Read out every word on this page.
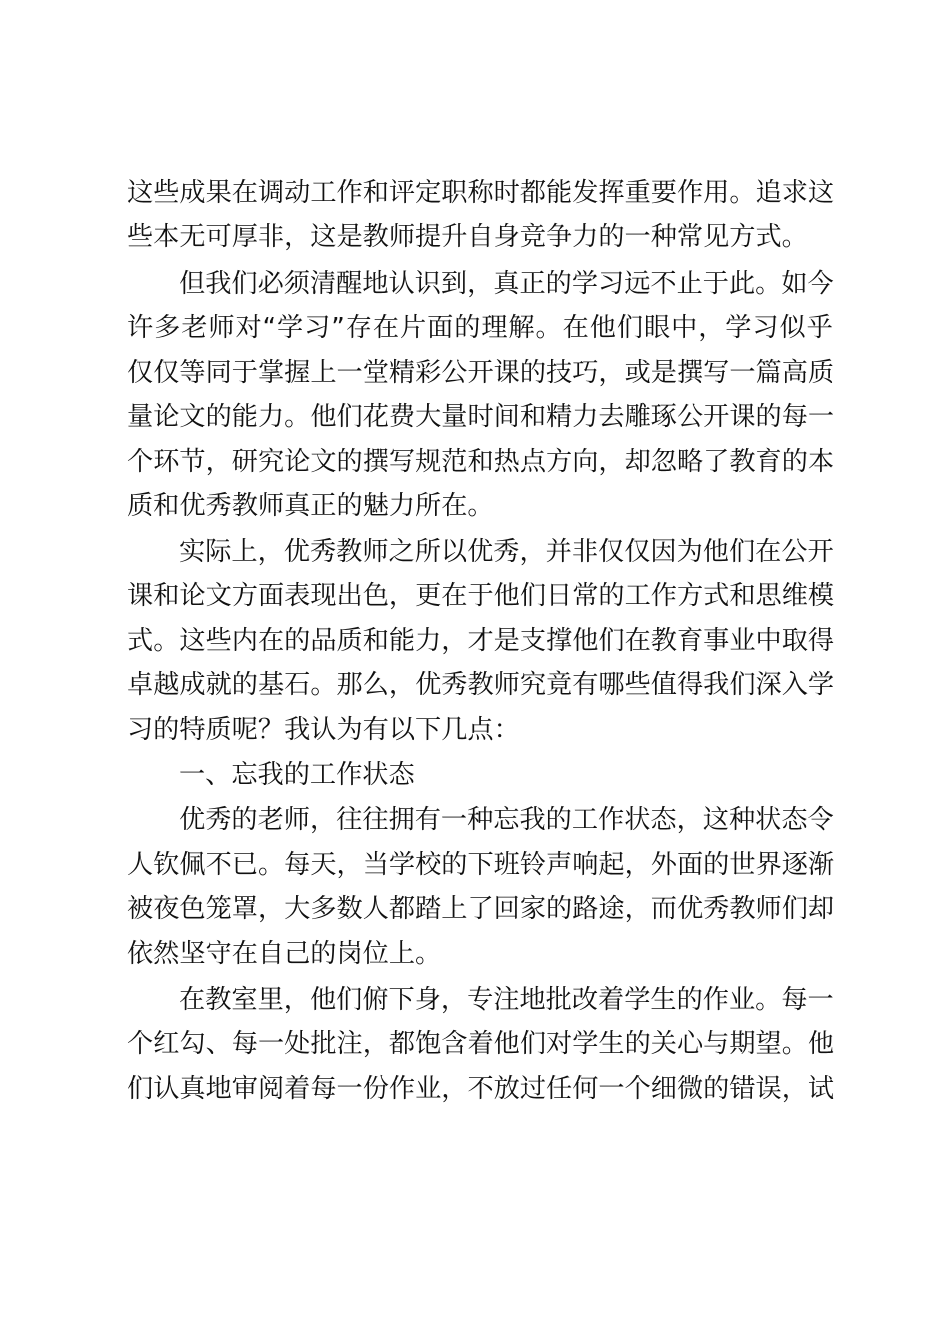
这 些 成 果 在 调 动 工 作 和 评 定 职 称 时 都 能 发 挥 重 要 作 用 。 追 求 这
些本无可厚非，这是教师提升自身竞争力的一种常见方式。
但 我 们 必 须 清 醒 地 认 识 到 ， 真 正 的 学 习 远 不 止 于 此 。 如 今
许 多 老 师 对 “ 学 习 ” 存 在 片 面 的 理 解 。 在 他 们 眼 中 ， 学 习 似 乎
仅 仅 等 同 于 掌 握 上 一 堂 精 彩 公 开 课 的 技 巧 ， 或 是 撰 写 一 篇 高 质
量 论 文 的 能 力 。 他 们 花 费 大 量 时 间 和 精 力 去 雕 琢 公 开 课 的 每 一
个 环 节 ， 研 究 论 文 的 撰 写 规 范 和 热 点 方 向 ， 却 忽 略 了 教 育 的 本
质和优秀教师真正的魅力所在。
实 际 上 ， 优 秀 教 师 之 所 以 优 秀 ， 并 非 仅 仅 因 为 他 们 在 公 开
课 和 论 文 方 面 表 现 出 色 ， 更 在 于 他 们 日 常 的 工 作 方 式 和 思 维 模
式 。 这 些 内 在 的 品 质 和 能 力 ， 才 是 支 撑 他 们 在 教 育 事 业 中 取 得
卓 越 成 就 的 基 石 。 那 么 ， 优 秀 教 师 究 竟 有 哪 些 值 得 我 们 深 入 学
习的特质呢？我认为有以下几点：
一、忘我的工作状态
优 秀 的 老 师 ， 往 往 拥 有 一 种 忘 我 的 工 作 状 态 ， 这 种 状 态 令
人 钦 佩 不 已 。 每 天 ， 当 学 校 的 下 班 铃 声 响 起 ， 外 面 的 世 界 逐 渐
被 夜 色 笼 罩 ， 大 多 数 人 都 踏 上 了 回 家 的 路 途 ， 而 优 秀 教 师 们 却
依然坚守在自己的岗位上。
在 教 室 里 ， 他 们 俯 下 身 ， 专 注 地 批 改 着 学 生 的 作 业 。 每 一
个 红 勾 、 每 一 处 批 注 ， 都 饱 含 着 他 们 对 学 生 的 关 心 与 期 望 。 他
们 认 真 地 审 阅 着 每 一 份 作 业 ， 不 放 过 任 何 一 个 细 微 的 错 误 ， 试
